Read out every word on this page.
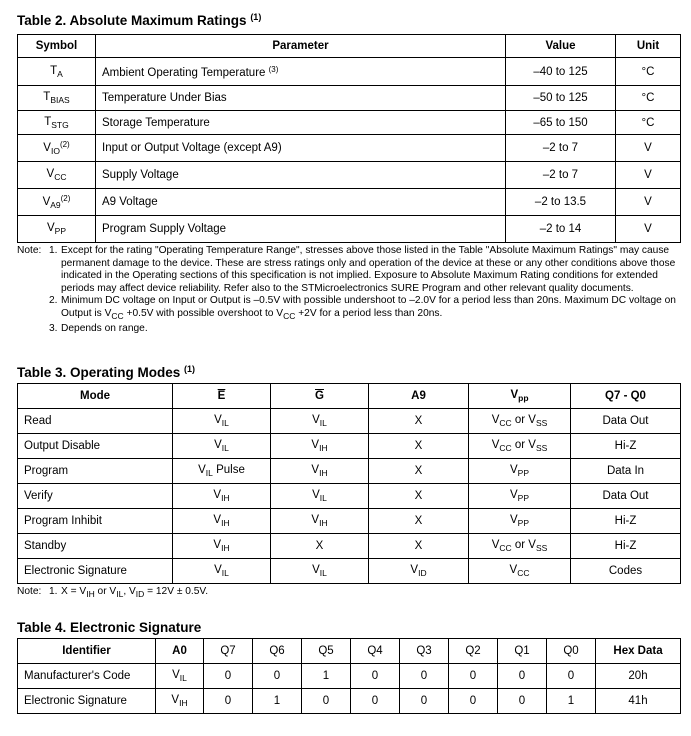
Table 2. Absolute Maximum Ratings $^{(1)}$
Symbol	Parameter	Value	Unit
$T_A$	Ambient Operating Temperature $^{(3)}$	–40 to 125	°C
$T_{BIAS}$	Temperature Under Bias	–50 to 125	°C
$T_{STG}$	Storage Temperature	–65 to 150	°C
$V_{IO}^{(2)}$	Input or Output Voltage (except A9)	–2 to 7	V
$V_{CC}$	Supply Voltage	–2 to 7	V
$V_{A9}^{(2)}$	A9 Voltage	–2 to 13.5	V
$V_{PP}$	Program Supply Voltage	–2 to 14	V
Note: 1. Except for the rating "Operating Temperature Range", stresses above those listed in the Table "Absolute Maximum Ratings" may cause permanent damage to the device. These are stress ratings only and operation of the device at these or any other conditions above those indicated in the Operating sections of this specification is not implied. Exposure to Absolute Maximum Rating conditions for extended periods may affect device reliability. Refer also to the STMicroelectronics SURE Program and other relevant quality documents.
2. Minimum DC voltage on Input or Output is –0.5V with possible undershoot to –2.0V for a period less than 20ns. Maximum DC voltage on Output is $V_{CC} +0.5V$ with possible overshoot to $V_{CC} +2V$ for a period less than 20ns.
3. Depends on range.
Table 3. Operating Modes $^{(1)}$
Mode	$\overline{E}$	$\overline{G}$	A9	$V_{pp}$	Q7 - Q0
Read	$V_{IL}$	$V_{IL}$	X	$V_{CC}$ or $V_{SS}$	Data Out
Output Disable	$V_{IL}$	$V_{IH}$	X	$V_{CC}$ or $V_{SS}$	Hi-Z
Program	$V_{IL}$ Pulse	$V_{IH}$	X	$V_{PP}$	Data In
Verify	$V_{IH}$	$V_{IL}$	X	$V_{PP}$	Data Out
Program Inhibit	$V_{IH}$	$V_{IH}$	X	$V_{PP}$	Hi-Z
Standby	$V_{IH}$	X	X	$V_{CC}$ or $V_{SS}$	Hi-Z
Electronic Signature	$V_{IL}$	$V_{IL}$	$V_{ID}$	$V_{CC}$	Codes
Note: 1. $X = V_{IH}$ or $V_{IL}$, $V_{ID} = 12V \pm 0.5V$.
Table 4. Electronic Signature
Identifier	A0	Q7	Q6	Q5	Q4	Q3	Q2	Q1	Q0	Hex Data
Manufacturer's Code	$V_{IL}$	0	0	1	0	0	0	0	0	20h
Electronic Signature	$V_{IH}$	0	1	0	0	0	0	0	1	41h
